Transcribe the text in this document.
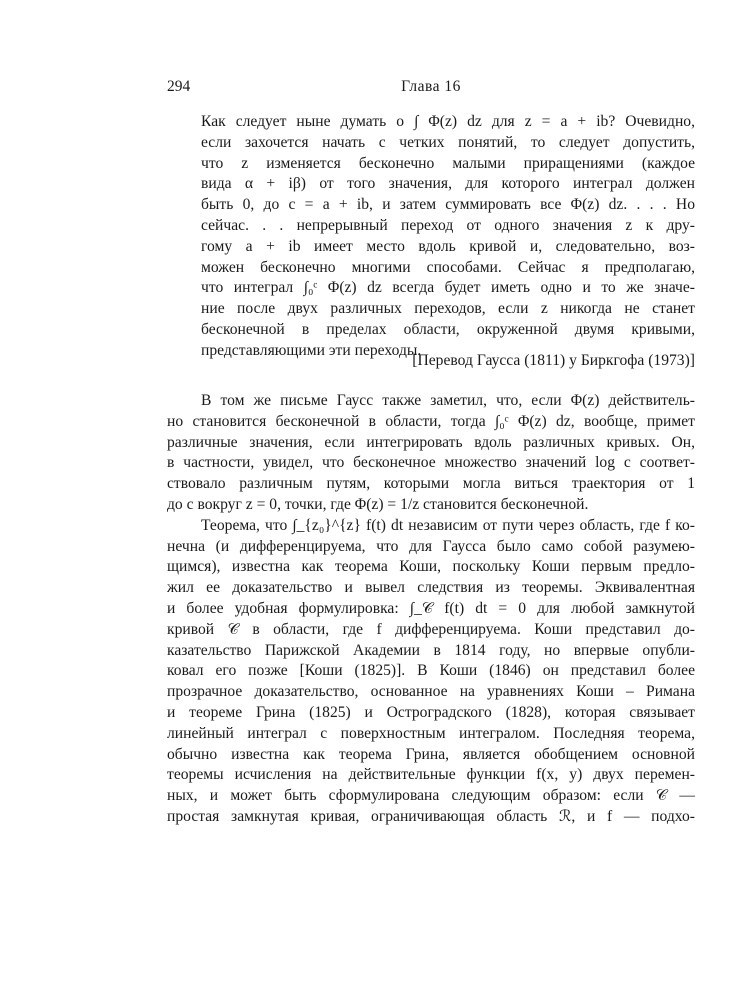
294	Глава 16

Как следует ныне думать о ∫ Φ(z) dz для z = a + ib? Очевидно,
если захочется начать с четких понятий, то следует допустить,
что z изменяется бесконечно малыми приращениями (каждое
вида α + iβ) от того значения, для которого интеграл должен
быть 0, до c = a + ib, и затем суммировать все Φ(z) dz. . . . Но
сейчас. . . непрерывный переход от одного значения z к дру-
гому a + ib имеет место вдоль кривой и, следовательно, воз-
можен бесконечно многими способами. Сейчас я предполагаю,
что интеграл ∫₀ᶜ Φ(z) dz всегда будет иметь одно и то же значе-
ние после двух различных переходов, если z никогда не станет
бесконечной в пределах области, окруженной двумя кривыми,
представляющими эти переходы.

[Перевод Гаусса (1811) у Биркгофа (1973)]

В том же письме Гаусс также заметил, что, если Φ(z) действитель-
но становится бесконечной в области, тогда ∫₀ᶜ Φ(z) dz, вообще, примет
различные значения, если интегрировать вдоль различных кривых. Он,
в частности, увидел, что бесконечное множество значений log c соответ-
ствовало различным путям, которыми могла виться траектория от 1
до c вокруг z = 0, точки, где Φ(z) = 1/z становится бесконечной.

Теорема, что ∫_{z₀}^{z} f(t) dt независим от пути через область, где f ко-
нечна (и дифференцируема, что для Гаусса было само собой разумею-
щимся), известна как теорема Коши, поскольку Коши первым предло-
жил ее доказательство и вывел следствия из теоремы. Эквивалентная
и более удобная формулировка: ∫_𝒞 f(t) dt = 0 для любой замкнутой
кривой 𝒞 в области, где f дифференцируема. Коши представил до-
казательство Парижской Академии в 1814 году, но впервые опубли-
ковал его позже [Коши (1825)]. В Коши (1846) он представил более
прозрачное доказательство, основанное на уравнениях Коши – Римана
и теореме Грина (1825) и Остроградского (1828), которая связывает
линейный интеграл с поверхностным интегралом. Последняя теорема,
обычно известна как теорема Грина, является обобщением основной
теоремы исчисления на действительные функции f(x, y) двух перемен-
ных, и может быть сформулирована следующим образом: если 𝒞 —
простая замкнутая кривая, ограничивающая область ℛ, и f — подхо-
